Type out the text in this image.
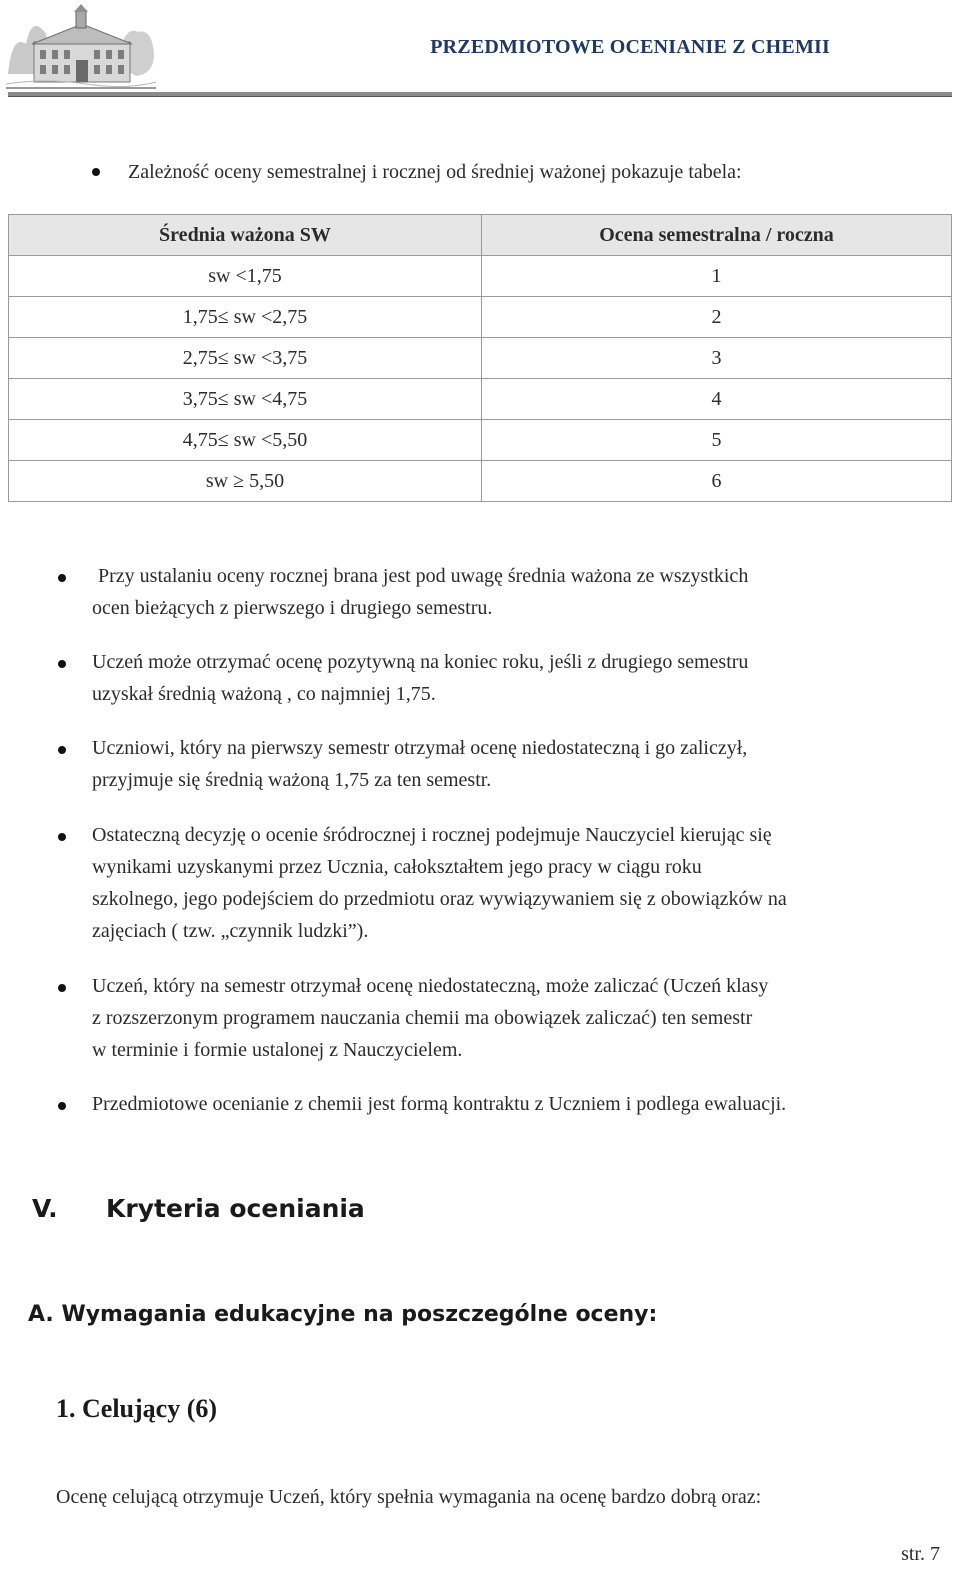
PRZEDMIOTOWE OCENIANIE Z CHEMII
Zależność oceny semestralnej i rocznej od średniej ważonej pokazuje tabela:
Średnia ważona SW	Ocena semestralna / roczna
sw <1,75	1
1,75≤ sw <2,75	2
2,75≤ sw <3,75	3
3,75≤ sw <4,75	4
4,75≤ sw <5,50	5
sw ≥ 5,50	6
Przy ustalaniu oceny rocznej brana jest pod uwagę średnia ważona ze wszystkich
ocen bieżących z pierwszego i drugiego semestru.
Uczeń może otrzymać ocenę pozytywną na koniec roku, jeśli z drugiego semestru
uzyskał średnią ważoną , co najmniej 1,75.
Uczniowi, który na pierwszy semestr otrzymał ocenę niedostateczną i go zaliczył,
przyjmuje się średnią ważoną 1,75 za ten semestr.
Ostateczną decyzję o ocenie śródrocznej i rocznej podejmuje Nauczyciel kierując się
wynikami uzyskanymi przez Ucznia, całokształtem jego pracy w ciągu roku
szkolnego, jego podejściem do przedmiotu oraz wywiązywaniem się z obowiązków na
zajęciach ( tzw. „czynnik ludzki”).
Uczeń, który na semestr otrzymał ocenę niedostateczną, może zaliczać (Uczeń klasy
z rozszerzonym programem nauczania chemii ma obowiązek zaliczać) ten semestr
w terminie i formie ustalonej z Nauczycielem.
Przedmiotowe ocenianie z chemii jest formą kontraktu z Uczniem i podlega ewaluacji.
V. Kryteria oceniania
A. Wymagania edukacyjne na poszczególne oceny:
1. Celujący (6)
Ocenę celującą otrzymuje Uczeń, który spełnia wymagania na ocenę bardzo dobrą oraz:
str. 7
